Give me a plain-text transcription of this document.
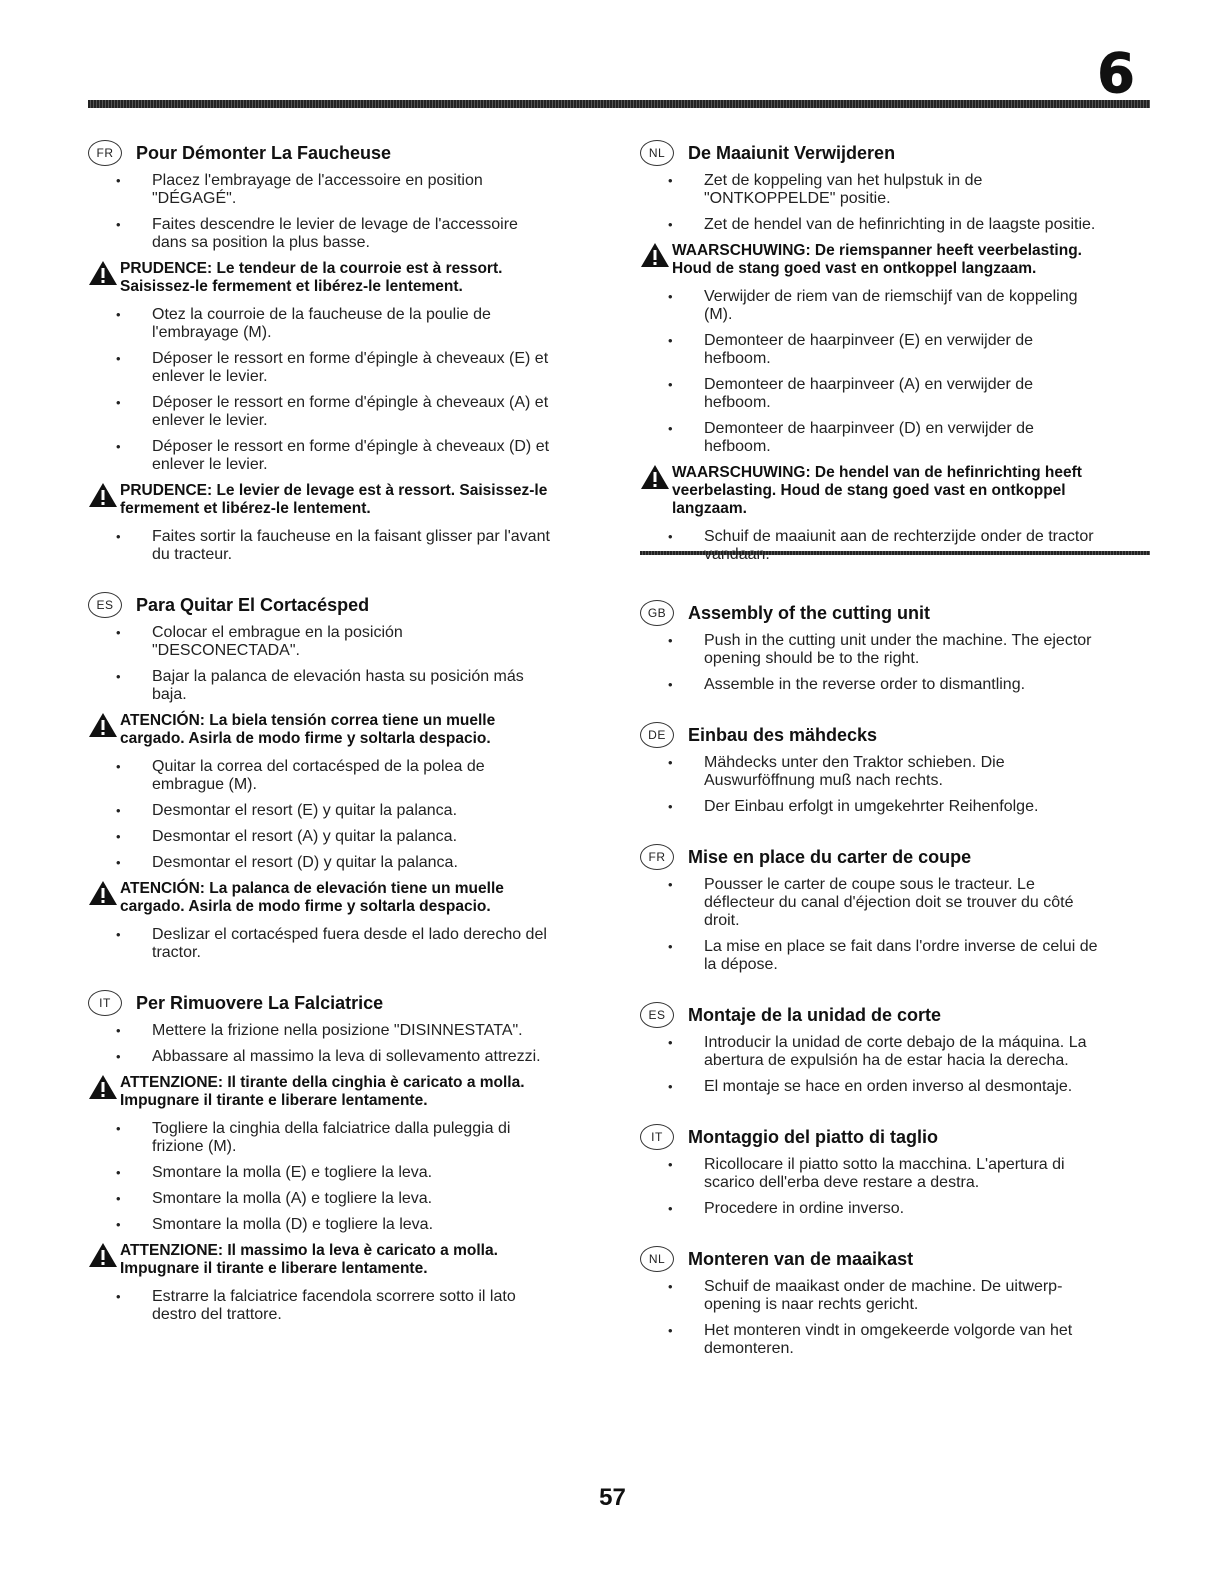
6
FR	Pour Démonter La Faucheuse
• Placez l'embrayage de l'accessoire en position "DÉGAGÉ".
• Faites descendre le levier de levage de l'accessoire dans sa position la plus basse.
PRUDENCE: Le tendeur de la courroie est à ressort. Saisissez-le fermement et libérez-le lentement.
• Otez la courroie de la faucheuse de la poulie de l'embrayage (M).
• Déposer le ressort en forme d'épingle à cheveaux (E) et enlever le levier.
• Déposer le ressort en forme d'épingle à cheveaux (A) et enlever le levier.
• Déposer le ressort en forme d'épingle à cheveaux (D) et enlever le levier.
PRUDENCE: Le levier de levage est à ressort. Saisissez-le fermement et libérez-le lentement.
• Faites sortir la faucheuse en la faisant glisser par l'avant du tracteur.
ES	Para Quitar El Cortacésped
• Colocar el embrague en la posición "DESCONECTADA".
• Bajar la palanca de elevación hasta su posición más baja.
ATENCIÓN: La biela tensión correa tiene un muelle cargado. Asirla de modo firme y soltarla despacio.
• Quitar la correa del cortacésped de la polea de embrague (M).
• Desmontar el resort (E) y quitar la palanca.
• Desmontar el resort (A) y quitar la palanca.
• Desmontar el resort (D) y quitar la palanca.
ATENCIÓN: La palanca de elevación tiene un muelle cargado. Asirla de modo firme y soltarla despacio.
• Deslizar el cortacésped fuera desde el lado derecho del tractor.
IT	Per Rimuovere La Falciatrice
• Mettere la frizione nella posizione "DISINNESTATA".
• Abbassare al massimo la leva di sollevamento attrezzi.
ATTENZIONE: Il tirante della cinghia è caricato a molla. Impugnare il tirante e liberare lentamente.
• Togliere la cinghia della falciatrice dalla puleggia di frizione (M).
• Smontare la molla (E) e togliere la leva.
• Smontare la molla (A) e togliere la leva.
• Smontare la molla (D) e togliere la leva.
ATTENZIONE: Il massimo la leva è caricato a molla. Impugnare il tirante e liberare lentamente.
• Estrarre la falciatrice facendola scorrere sotto il lato destro del trattore.
NL	De Maaiunit Verwijderen
• Zet de koppeling van het hulpstuk in de "ONTKOPPELDE" positie.
• Zet de hendel van de hefinrichting in de laagste positie.
WAARSCHUWING: De riemspanner heeft veerbelasting. Houd de stang goed vast en ontkoppel langzaam.
• Verwijder de riem van de riemschijf van de koppeling (M).
• Demonteer de haarpinveer (E) en verwijder de hefboom.
• Demonteer de haarpinveer (A) en verwijder de hefboom.
• Demonteer de haarpinveer (D) en verwijder de hefboom.
WAARSCHUWING: De hendel van de hefinrichting heeft veerbelasting. Houd de stang goed vast en ontkoppel langzaam.
• Schuif de maaiunit aan de rechterzijde onder de tractor
GB	Assembly of the cutting unit
• Push in the cutting unit under the machine. The ejector opening should be to the right.
• Assemble in the reverse order to dismantling.
DE	Einbau des mähdecks
• Mähdecks unter den Traktor schieben. Die Auswurföffnung muß nach rechts.
• Der Einbau erfolgt in umgekehrter Reihenfolge.
FR	Mise en place du carter de coupe
• Pousser le carter de coupe sous le tracteur. Le déflecteur du canal d'éjection doit se trouver du côté droit.
• La mise en place se fait dans l'ordre inverse de celui de la dépose.
ES	Montaje de la unidad de corte
• Introducir la unidad de corte debajo de la máquina. La abertura de expulsión ha de estar hacia la derecha.
• El montaje se hace en orden inverso al desmontaje.
IT	Montaggio del piatto di taglio
• Ricollocare il piatto sotto la macchina. L'apertura di scarico dell'erba deve restare a destra.
• Procedere in ordine inverso.
NL	Monteren van de maaikast
• Schuif de maaikast onder de machine. De uitwerp-opening is naar rechts gericht.
• Het monteren vindt in omgekeerde volgorde van het demonteren.
57
